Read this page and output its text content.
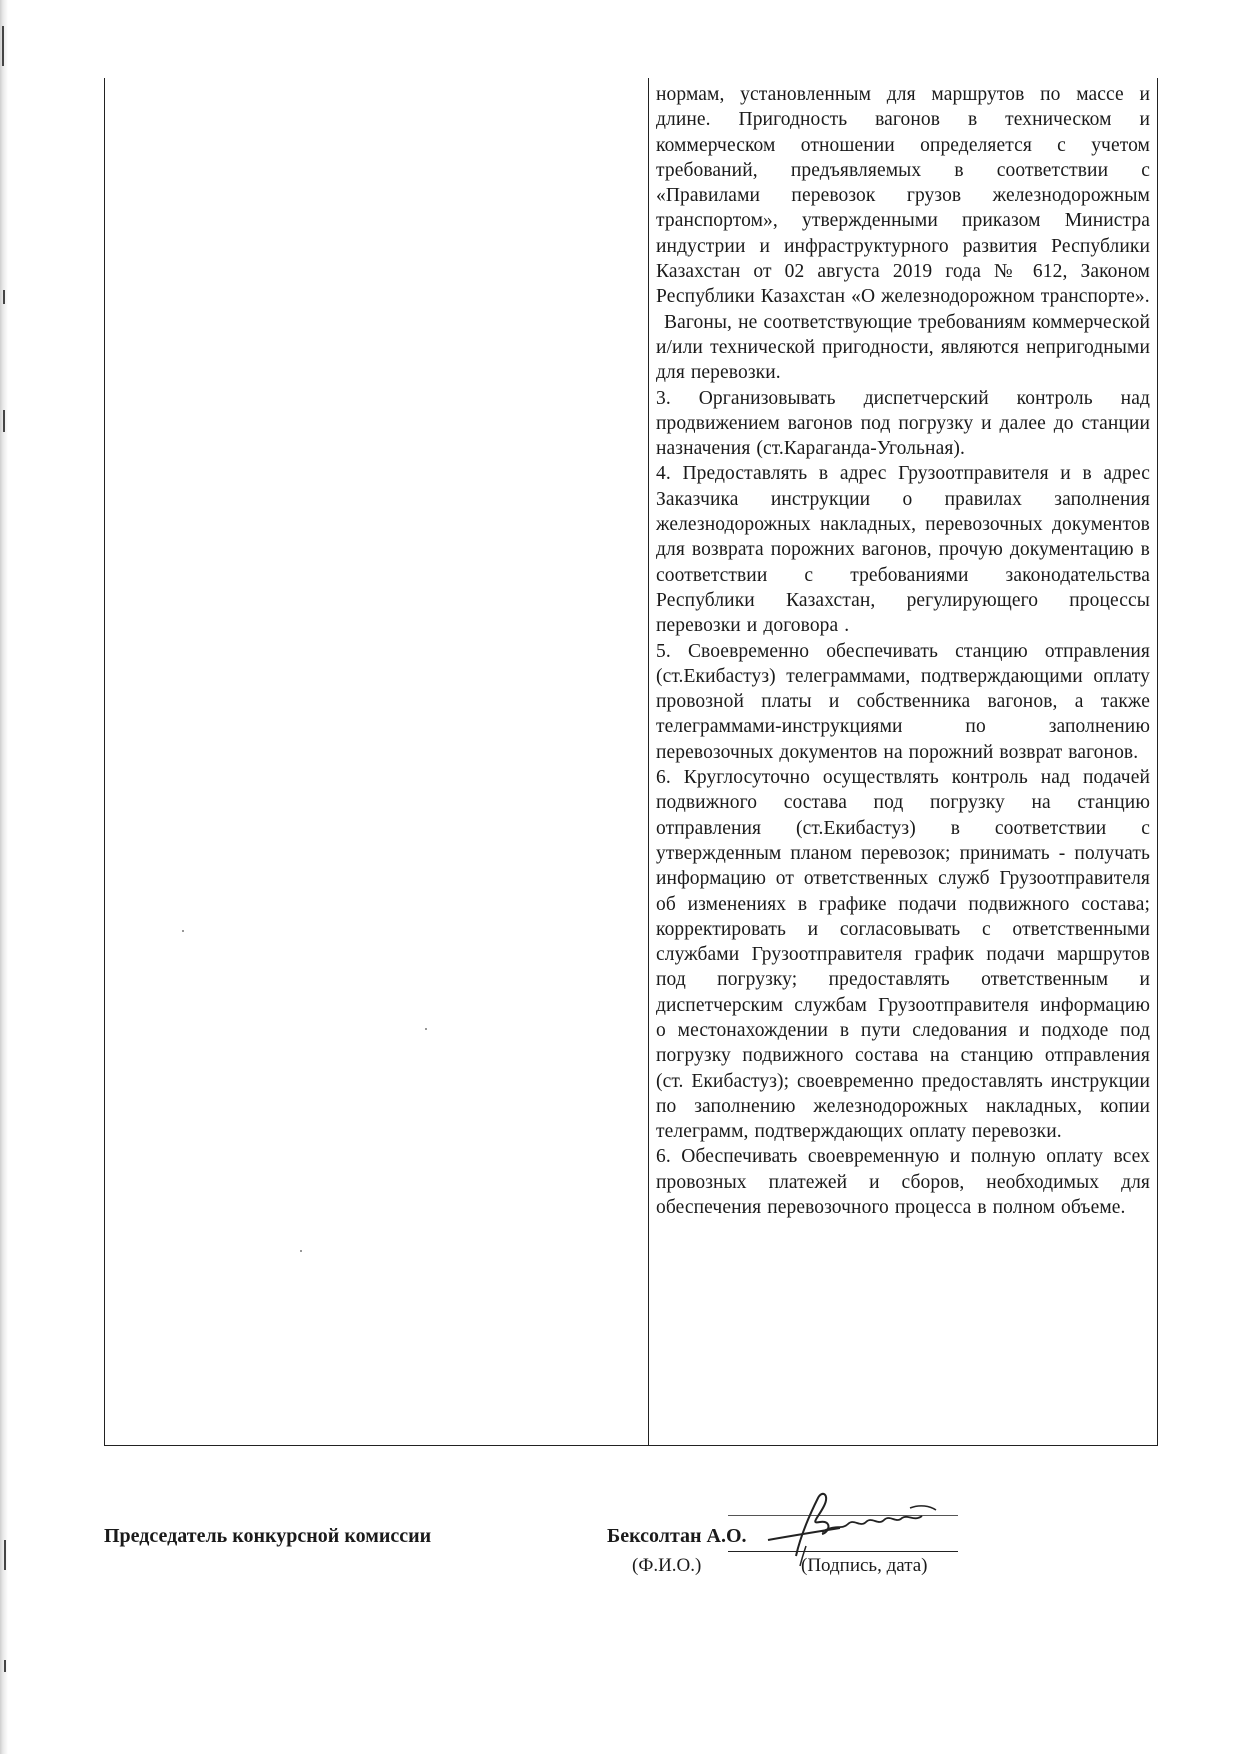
нормам, установленным для маршрутов по массе и длине. Пригодность вагонов в техническом и коммерческом отношении определяется с учетом требований, предъявляемых в соответствии с «Правилами перевозок грузов железнодорожным транспортом», утвержденными приказом Министра индустрии и инфраструктурного развития Республики Казахстан от 02 августа 2019 года № 612, Законом Республики Казахстан «О железнодорожном транспорте».

Вагоны, не соответствующие требованиям коммерческой и/или технической пригодности, являются непригодными для перевозки.

3. Организовывать диспетчерский контроль над продвижением вагонов под погрузку и далее до станции назначения (ст.Караганда-Угольная).

4. Предоставлять в адрес Грузоотправителя и в адрес Заказчика инструкции о правилах заполнения железнодорожных накладных, перевозочных документов для возврата порожних вагонов, прочую документацию в соответствии с требованиями законодательства Республики Казахстан, регулирующего процессы перевозки и договора .

5. Своевременно обеспечивать станцию отправления (ст.Екибастуз) телеграммами, подтверждающими оплату провозной платы и собственника вагонов, а также телеграммами-инструкциями по заполнению перевозочных документов на порожний возврат вагонов.

6. Круглосуточно осуществлять контроль над подачей подвижного состава под погрузку на станцию отправления (ст.Екибастуз) в соответствии с утвержденным планом перевозок; принимать - получать информацию от ответственных служб Грузоотправителя об изменениях в графике подачи подвижного состава; корректировать и согласовывать с ответственными службами Грузоотправителя график подачи маршрутов под погрузку; предоставлять ответственным и диспетчерским службам Грузоотправителя информацию о местонахождении в пути следования и подходе под погрузку подвижного состава на станцию отправления (ст. Екибастуз); своевременно предоставлять инструкции по заполнению железнодорожных накладных, копии телеграмм, подтверждающих оплату перевозки.

6. Обеспечивать своевременную и полную оплату всех провозных платежей и сборов, необходимых для обеспечения перевозочного процесса в полном объеме.

Председатель конкурсной комиссии	Бексолтан А.О.
(Ф.И.О.)	(Подпись, дата)
